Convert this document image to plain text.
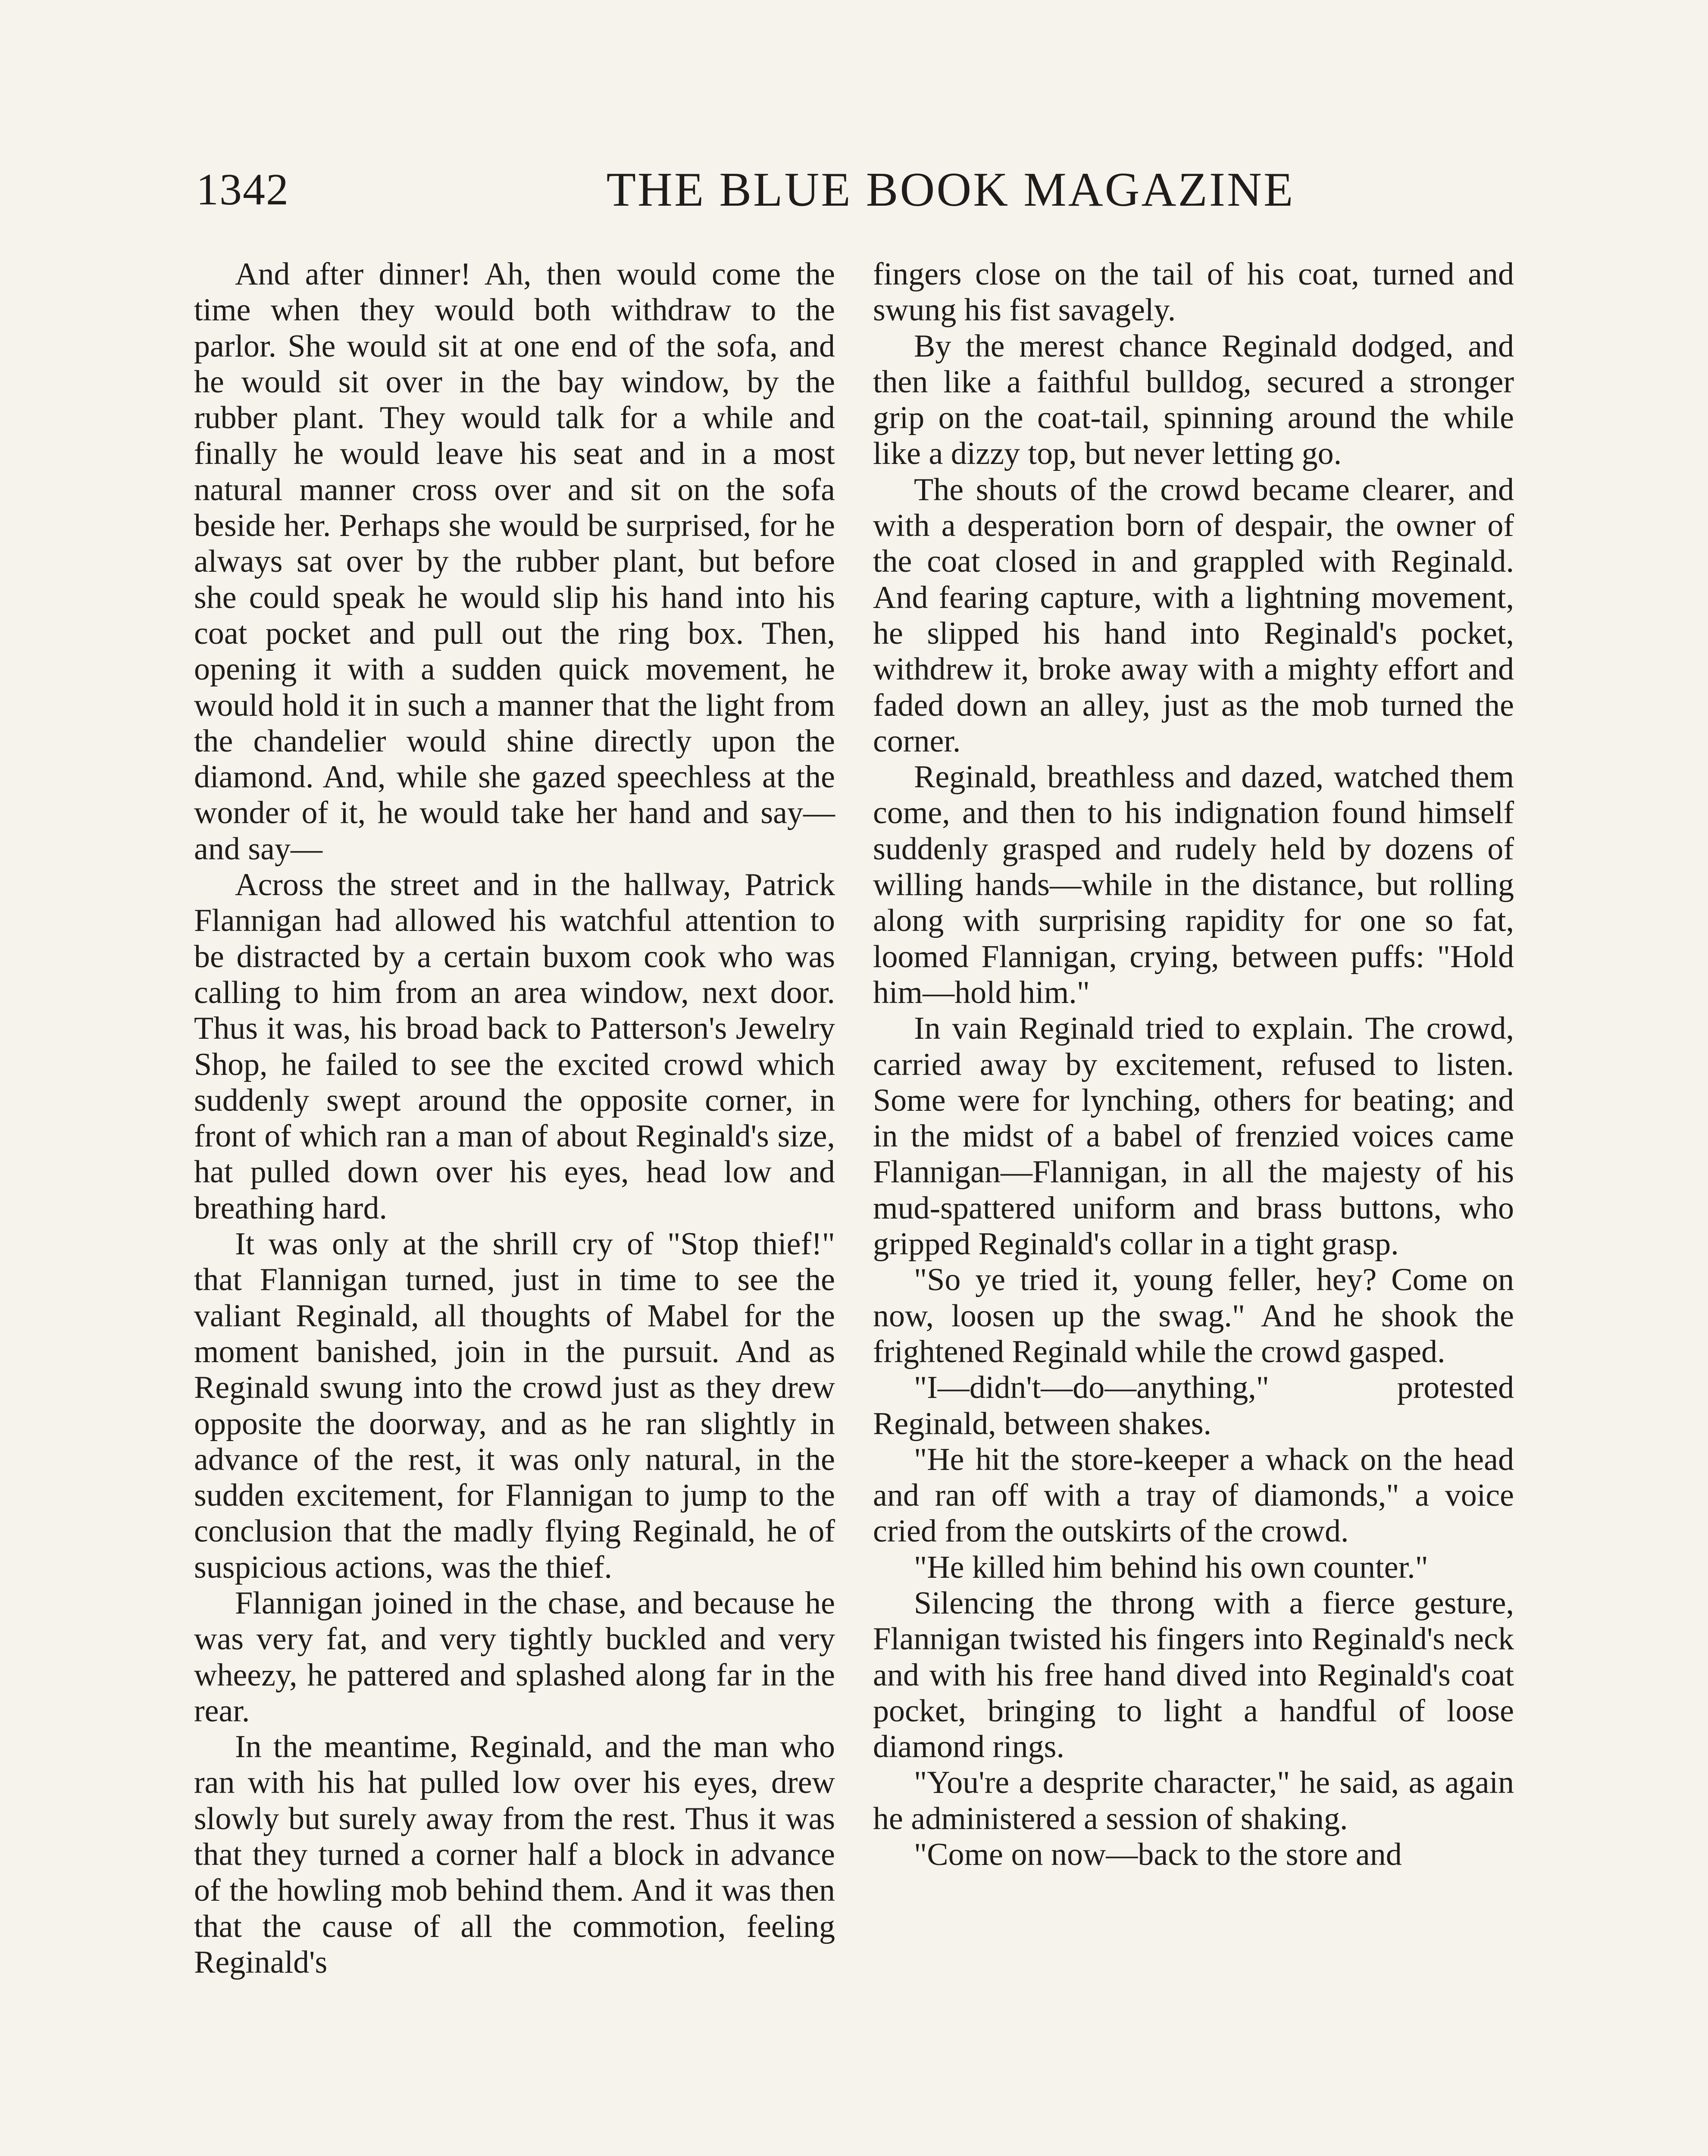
1342	THE BLUE BOOK MAGAZINE

And after dinner! Ah, then would come the time when they would both withdraw to the parlor. She would sit at one end of the sofa, and he would sit over in the bay window, by the rubber plant. They would talk for a while and finally he would leave his seat and in a most natural manner cross over and sit on the sofa beside her. Perhaps she would be surprised, for he always sat over by the rubber plant, but before she could speak he would slip his hand into his coat pocket and pull out the ring box. Then, opening it with a sudden quick movement, he would hold it in such a manner that the light from the chandelier would shine directly upon the diamond. And, while she gazed speechless at the wonder of it, he would take her hand and say—and say—

Across the street and in the hallway, Patrick Flannigan had allowed his watchful attention to be distracted by a certain buxom cook who was calling to him from an area window, next door. Thus it was, his broad back to Patterson's Jewelry Shop, he failed to see the excited crowd which suddenly swept around the opposite corner, in front of which ran a man of about Reginald's size, hat pulled down over his eyes, head low and breathing hard.

It was only at the shrill cry of "Stop thief!" that Flannigan turned, just in time to see the valiant Reginald, all thoughts of Mabel for the moment banished, join in the pursuit. And as Reginald swung into the crowd just as they drew opposite the doorway, and as he ran slightly in advance of the rest, it was only natural, in the sudden excitement, for Flannigan to jump to the conclusion that the madly flying Reginald, he of suspicious actions, was the thief.

Flannigan joined in the chase, and because he was very fat, and very tightly buckled and very wheezy, he pattered and splashed along far in the rear.

In the meantime, Reginald, and the man who ran with his hat pulled low over his eyes, drew slowly but surely away from the rest. Thus it was that they turned a corner half a block in advance of the howling mob behind them. And it was then that the cause of all the commotion, feeling Reginald's

fingers close on the tail of his coat, turned and swung his fist savagely.

By the merest chance Reginald dodged, and then like a faithful bulldog, secured a stronger grip on the coat-tail, spinning around the while like a dizzy top, but never letting go.

The shouts of the crowd became clearer, and with a desperation born of despair, the owner of the coat closed in and grappled with Reginald. And fearing capture, with a lightning movement, he slipped his hand into Reginald's pocket, withdrew it, broke away with a mighty effort and faded down an alley, just as the mob turned the corner.

Reginald, breathless and dazed, watched them come, and then to his indignation found himself suddenly grasped and rudely held by dozens of willing hands—while in the distance, but rolling along with surprising rapidity for one so fat, loomed Flannigan, crying, between puffs: "Hold him—hold him."

In vain Reginald tried to explain. The crowd, carried away by excitement, refused to listen. Some were for lynching, others for beating; and in the midst of a babel of frenzied voices came Flannigan—Flannigan, in all the majesty of his mud-spattered uniform and brass buttons, who gripped Reginald's collar in a tight grasp.

"So ye tried it, young feller, hey? Come on now, loosen up the swag." And he shook the frightened Reginald while the crowd gasped.

"I—didn't—do—anything," protested Reginald, between shakes.

"He hit the store-keeper a whack on the head and ran off with a tray of diamonds," a voice cried from the outskirts of the crowd.

"He killed him behind his own counter."

Silencing the throng with a fierce gesture, Flannigan twisted his fingers into Reginald's neck and with his free hand dived into Reginald's coat pocket, bringing to light a handful of loose diamond rings.

"You're a desprite character," he said, as again he administered a session of shaking.

"Come on now—back to the store and
